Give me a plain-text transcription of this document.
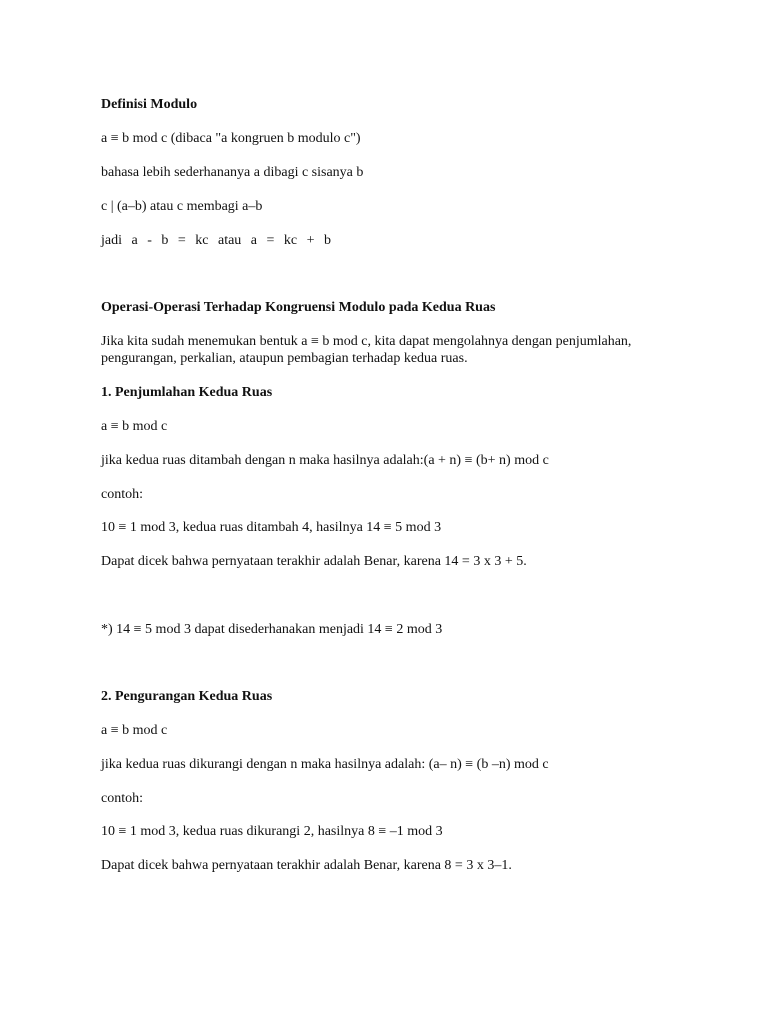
Definisi Modulo
a ≡ b mod c (dibaca "a kongruen b modulo c")
bahasa lebih sederhananya a dibagi c sisanya b
c | (a–b) atau c membagi a–b
jadi a - b = kc atau a = kc + b
Operasi-Operasi Terhadap Kongruensi Modulo pada Kedua Ruas
Jika kita sudah menemukan bentuk a ≡ b mod c, kita dapat mengolahnya dengan penjumlahan,
pengurangan, perkalian, ataupun pembagian terhadap kedua ruas.
1. Penjumlahan Kedua Ruas
a ≡ b mod c
jika kedua ruas ditambah dengan n maka hasilnya adalah:(a + n) ≡ (b+ n) mod c
contoh:
10 ≡ 1 mod 3, kedua ruas ditambah 4, hasilnya 14 ≡ 5 mod 3
Dapat dicek bahwa pernyataan terakhir adalah Benar, karena 14 = 3 x 3 + 5.
*) 14 ≡ 5 mod 3 dapat disederhanakan menjadi 14 ≡ 2 mod 3
2. Pengurangan Kedua Ruas
a ≡ b mod c
jika kedua ruas dikurangi dengan n maka hasilnya adalah: (a– n) ≡ (b –n) mod c
contoh:
10 ≡ 1 mod 3, kedua ruas dikurangi 2, hasilnya 8 ≡ –1 mod 3
Dapat dicek bahwa pernyataan terakhir adalah Benar, karena 8 = 3 x 3–1.
